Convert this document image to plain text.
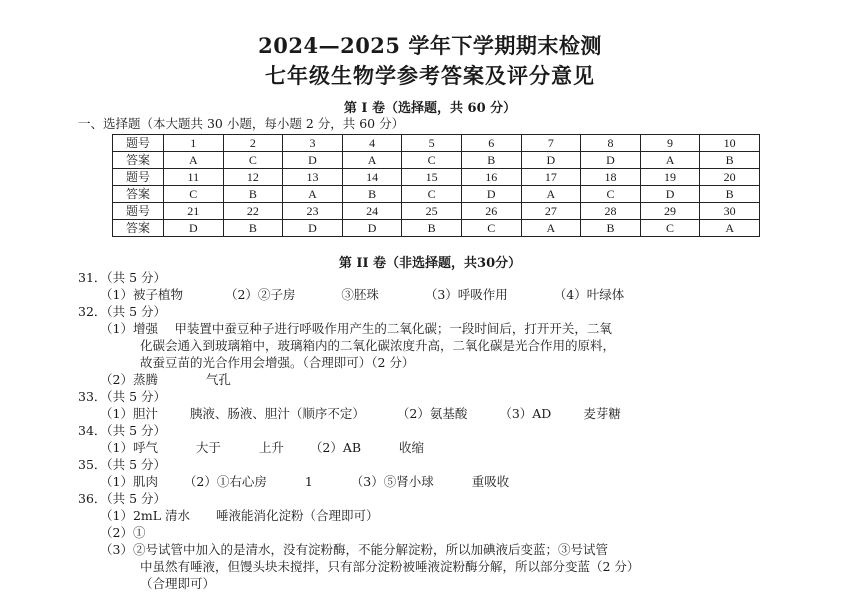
2024—2025 学年下学期期末检测
七年级生物学参考答案及评分意见
第 I 卷（选择题，共 60 分）
一、选择题（本大题共 30 小题，每小题 2 分，共 60 分）
题号	1	2	3	4	5	6	7	8	9	10
答案	A	C	D	A	C	B	D	D	A	B
题号	11	12	13	14	15	16	17	18	19	20
答案	C	B	A	B	C	D	A	C	D	B
题号	21	22	23	24	25	26	27	28	29	30
答案	D	B	D	D	B	C	A	B	C	A
第 II 卷（非选择题，共30分）
31．（共 5 分）
（1）被子植物	（2）②子房	③胚珠	（3）呼吸作用	（4）叶绿体
32．（共 5 分）
（1）增强　 甲装置中蚕豆种子进行呼吸作用产生的二氧化碳；一段时间后，打开开关，二氧
化碳会通入到玻璃箱中，玻璃箱内的二氧化碳浓度升高，二氧化碳是光合作用的原料，
故蚕豆苗的光合作用会增强。（合理即可）（2 分）
（2）蒸腾	气孔
33．（共 5 分）
（1）胆汁	胰液、肠液、胆汁（顺序不定）	（2）氨基酸	（3）AD	麦芽糖
34．（共 5 分）
（1）呼气	大于	上升 （2）AB	收缩
35．（共 5 分）
（1）肌肉 （2）①右心房	1	（3）⑤肾小球	重吸收
36．（共 5 分）
（1）2mL 清水 唾液能消化淀粉（合理即可）
（2）①
（3）②号试管中加入的是清水，没有淀粉酶，不能分解淀粉，所以加碘液后变蓝；③号试管
中虽然有唾液，但馒头块未搅拌，只有部分淀粉被唾液淀粉酶分解，所以部分变蓝（2 分）
（合理即可）
